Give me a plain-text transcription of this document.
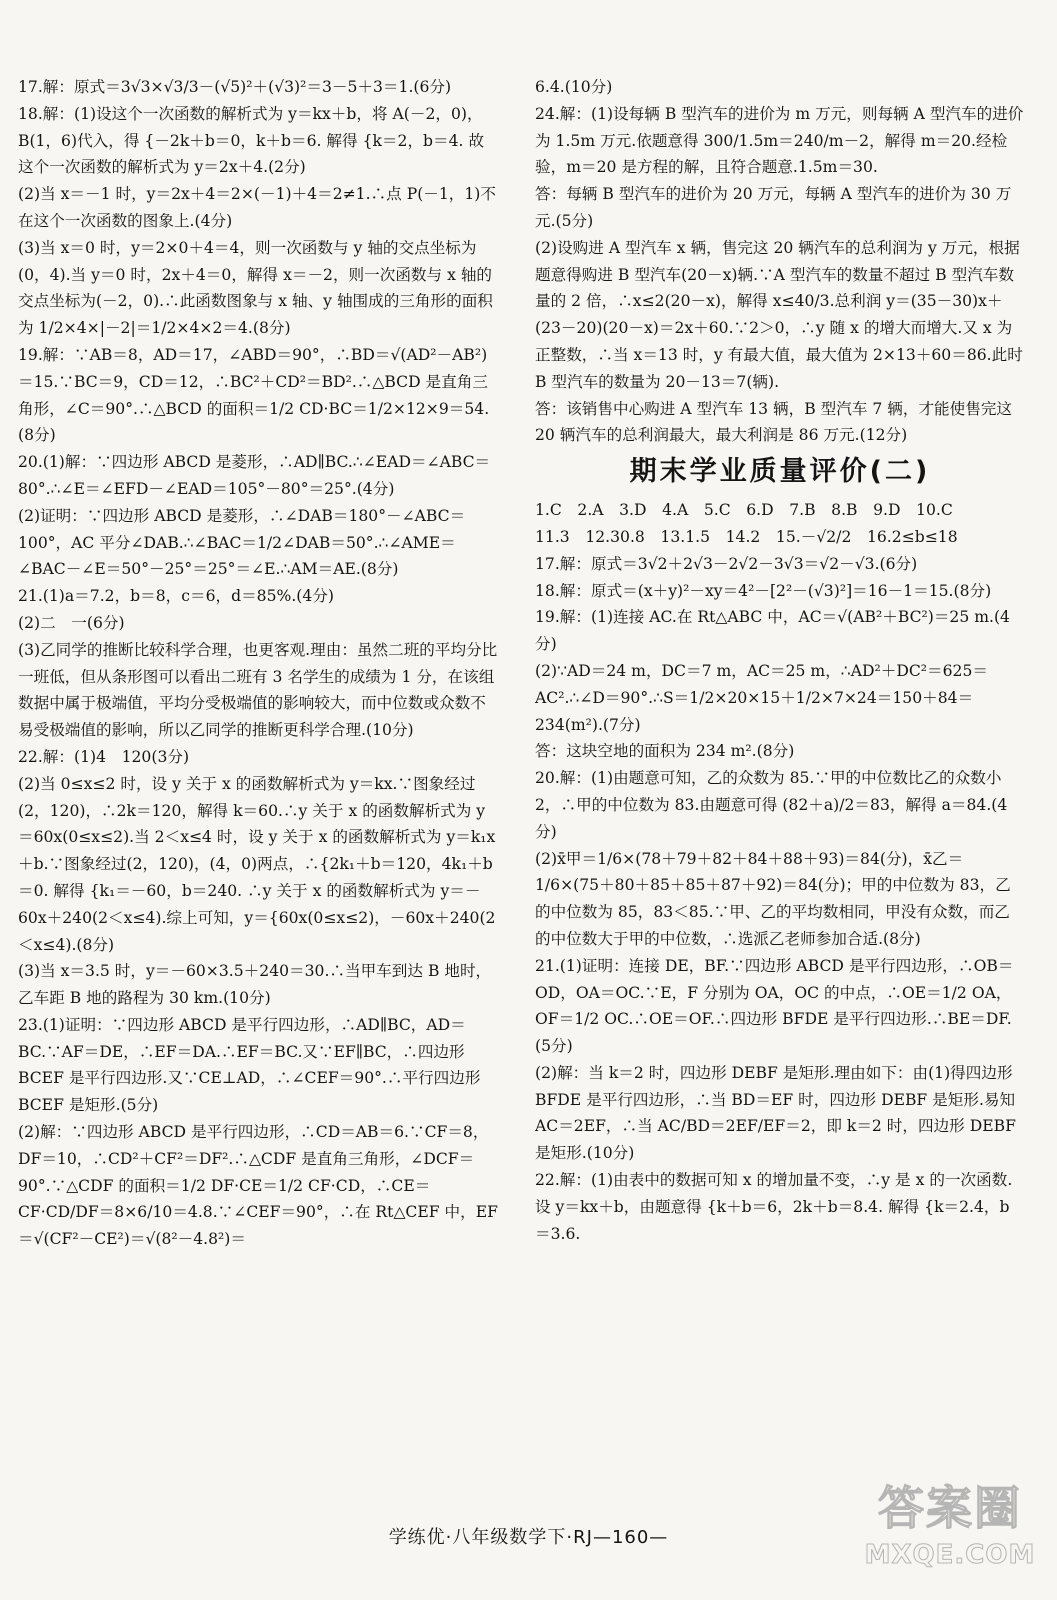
17.解：原式＝3√3×√3/3－(√5)²＋(√3)²＝3－5＋3＝1.(6分)

18.解：(1)设这个一次函数的解析式为 y＝kx＋b，将 A(－2，0)，B(1，6)代入，得 {－2k＋b＝0，k＋b＝6. 解得 {k＝2，b＝4. 故这个一次函数的解析式为 y＝2x＋4.(2分)

(2)当 x＝－1 时，y＝2x＋4＝2×(－1)＋4＝2≠1.∴点 P(－1，1)不在这个一次函数的图象上.(4分)

(3)当 x＝0 时，y＝2×0＋4＝4，则一次函数与 y 轴的交点坐标为(0，4).当 y＝0 时，2x＋4＝0，解得 x＝－2，则一次函数与 x 轴的交点坐标为(－2，0).∴此函数图象与 x 轴、y 轴围成的三角形的面积为 1/2×4×|－2|＝1/2×4×2＝4.(8分)

19.解：∵AB＝8，AD＝17，∠ABD＝90°，∴BD＝√(AD²－AB²)＝15.∵BC＝9，CD＝12，∴BC²＋CD²＝BD².∴△BCD 是直角三角形，∠C＝90°.∴△BCD 的面积＝1/2 CD·BC＝1/2×12×9＝54.(8分)

20.(1)解：∵四边形 ABCD 是菱形，∴AD∥BC.∴∠EAD＝∠ABC＝80°.∴∠E＝∠EFD－∠EAD＝105°－80°＝25°.(4分)

(2)证明：∵四边形 ABCD 是菱形，∴∠DAB＝180°－∠ABC＝100°，AC 平分∠DAB.∴∠BAC＝1/2∠DAB＝50°.∴∠AME＝∠BAC－∠E＝50°－25°＝25°＝∠E.∴AM＝AE.(8分)

21.(1)a＝7.2，b＝8，c＝6，d＝85%.(4分)

(2)二　一(6分)

(3)乙同学的推断比较科学合理，也更客观.理由：虽然二班的平均分比一班低，但从条形图可以看出二班有 3 名学生的成绩为 1 分，在该组数据中属于极端值，平均分受极端值的影响较大，而中位数或众数不易受极端值的影响，所以乙同学的推断更科学合理.(10分)

22.解：(1)4　120(3分)

(2)当 0≤x≤2 时，设 y 关于 x 的函数解析式为 y＝kx.∵图象经过(2，120)，∴2k＝120，解得 k＝60.∴y 关于 x 的函数解析式为 y＝60x(0≤x≤2).当 2＜x≤4 时，设 y 关于 x 的函数解析式为 y＝k₁x＋b.∵图象经过(2，120)，(4，0)两点，∴{2k₁＋b＝120，4k₁＋b＝0. 解得 {k₁＝－60，b＝240. ∴y 关于 x 的函数解析式为 y＝－60x＋240(2＜x≤4).综上可知，y＝{60x(0≤x≤2)，－60x＋240(2＜x≤4).(8分)

(3)当 x＝3.5 时，y＝－60×3.5＋240＝30.∴当甲车到达 B 地时，乙车距 B 地的路程为 30 km.(10分)

23.(1)证明：∵四边形 ABCD 是平行四边形，∴AD∥BC，AD＝BC.∵AF＝DE，∴EF＝DA.∴EF＝BC.又∵EF∥BC，∴四边形 BCEF 是平行四边形.又∵CE⊥AD，∴∠CEF＝90°.∴平行四边形 BCEF 是矩形.(5分)

(2)解：∵四边形 ABCD 是平行四边形，∴CD＝AB＝6.∵CF＝8，DF＝10，∴CD²＋CF²＝DF².∴△CDF 是直角三角形，∠DCF＝90°.∵△CDF 的面积＝1/2 DF·CE＝1/2 CF·CD，∴CE＝CF·CD/DF＝8×6/10＝4.8.∵∠CEF＝90°，∴在 Rt△CEF 中，EF＝√(CF²－CE²)＝√(8²－4.8²)＝

6.4.(10分)

24.解：(1)设每辆 B 型汽车的进价为 m 万元，则每辆 A 型汽车的进价为 1.5m 万元.依题意得 300/1.5m＝240/m－2，解得 m＝20.经检验，m＝20 是方程的解，且符合题意.1.5m＝30.

答：每辆 B 型汽车的进价为 20 万元，每辆 A 型汽车的进价为 30 万元.(5分)

(2)设购进 A 型汽车 x 辆，售完这 20 辆汽车的总利润为 y 万元，根据题意得购进 B 型汽车(20－x)辆.∵A 型汽车的数量不超过 B 型汽车数量的 2 倍，∴x≤2(20－x)，解得 x≤40/3.总利润 y＝(35－30)x＋(23－20)(20－x)＝2x＋60.∵2＞0，∴y 随 x 的增大而增大.又 x 为正整数，∴当 x＝13 时，y 有最大值，最大值为 2×13＋60＝86.此时 B 型汽车的数量为 20－13＝7(辆).

答：该销售中心购进 A 型汽车 13 辆，B 型汽车 7 辆，才能使售完这 20 辆汽车的总利润最大，最大利润是 86 万元.(12分)

期末学业质量评价(二)

1.C　2.A　3.D　4.A　5.C　6.D　7.B　8.B　9.D　10.C

11.3　12.30.8　13.1.5　14.2　15.－√2/2　16.2≤b≤18

17.解：原式＝3√2＋2√3－2√2－3√3＝√2－√3.(6分)

18.解：原式＝(x＋y)²－xy＝4²－[2²－(√3)²]＝16－1＝15.(8分)

19.解：(1)连接 AC.在 Rt△ABC 中，AC＝√(AB²＋BC²)＝25 m.(4分)

(2)∵AD＝24 m，DC＝7 m，AC＝25 m，∴AD²＋DC²＝625＝AC².∴∠D＝90°.∴S＝1/2×20×15＋1/2×7×24＝150＋84＝234(m²).(7分)

答：这块空地的面积为 234 m².(8分)

20.解：(1)由题意可知，乙的众数为 85.∵甲的中位数比乙的众数小 2，∴甲的中位数为 83.由题意可得 (82＋a)/2＝83，解得 a＝84.(4分)

(2)x̄甲＝1/6×(78＋79＋82＋84＋88＋93)＝84(分)，x̄乙＝1/6×(75＋80＋85＋85＋87＋92)＝84(分)；甲的中位数为 83，乙的中位数为 85，83＜85.∵甲、乙的平均数相同，甲没有众数，而乙的中位数大于甲的中位数，∴选派乙老师参加合适.(8分)

21.(1)证明：连接 DE，BF.∵四边形 ABCD 是平行四边形，∴OB＝OD，OA＝OC.∵E，F 分别为 OA，OC 的中点，∴OE＝1/2 OA，OF＝1/2 OC.∴OE＝OF.∴四边形 BFDE 是平行四边形.∴BE＝DF.(5分)

(2)解：当 k＝2 时，四边形 DEBF 是矩形.理由如下：由(1)得四边形 BFDE 是平行四边形，∴当 BD＝EF 时，四边形 DEBF 是矩形.易知 AC＝2EF，∴当 AC/BD＝2EF/EF＝2，即 k＝2 时，四边形 DEBF 是矩形.(10分)

22.解：(1)由表中的数据可知 x 的增加量不变，∴y 是 x 的一次函数.设 y＝kx＋b，由题意得 {k＋b＝6，2k＋b＝8.4. 解得 {k＝2.4，b＝3.6.

学练优·八年级数学下·RJ—160—
答案圈
MXQE.COM
